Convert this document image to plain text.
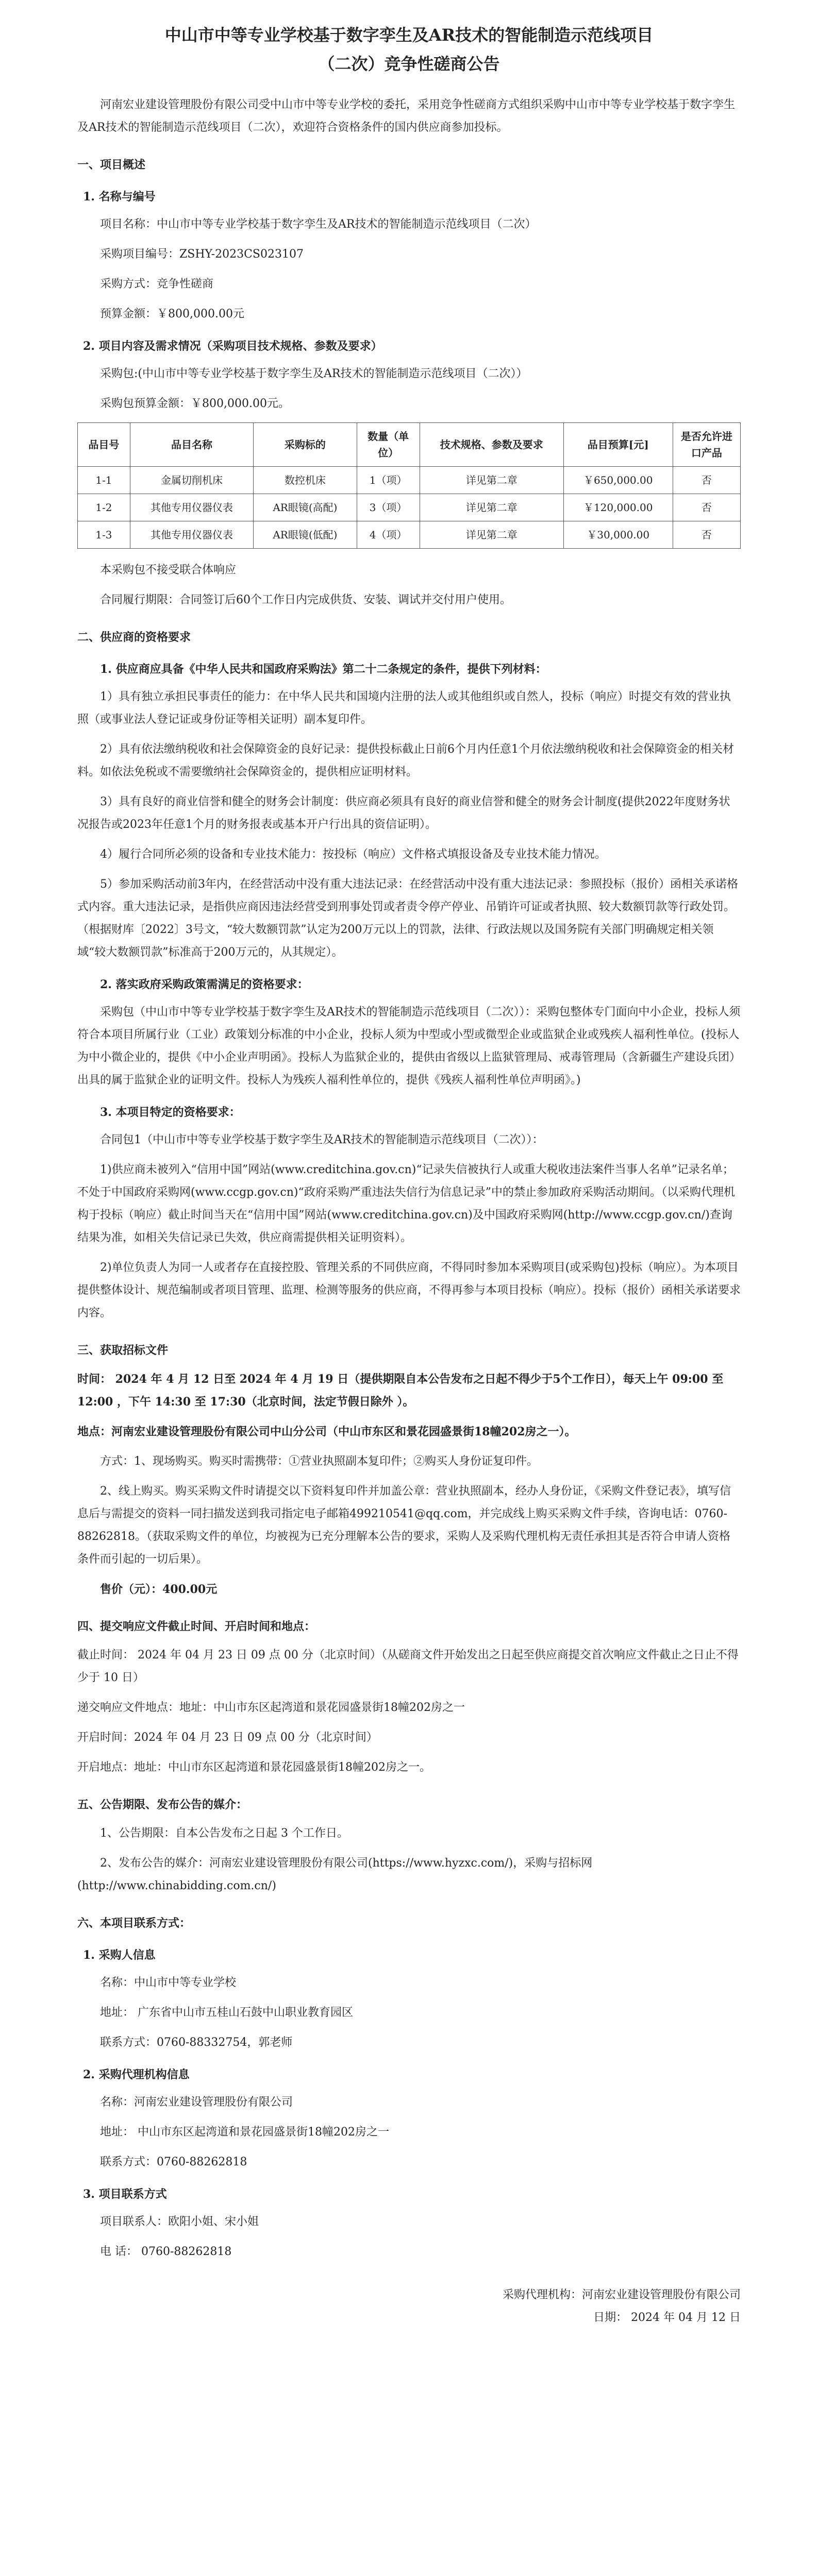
中山市中等专业学校基于数字孪生及AR技术的智能制造示范线项目
（二次）竞争性磋商公告

河南宏业建设管理股份有限公司受中山市中等专业学校的委托，采用竞争性磋商方式组织采购中山市中等专业学校基于数字孪生及AR技术的智能制造示范线项目（二次），欢迎符合资格条件的国内供应商参加投标。

一、项目概述

1. 名称与编号

项目名称：中山市中等专业学校基于数字孪生及AR技术的智能制造示范线项目（二次）

采购项目编号：ZSHY-2023CS023107

采购方式：竞争性磋商

预算金额：￥800,000.00元

2. 项目内容及需求情况（采购项目技术规格、参数及要求）

采购包:(中山市中等专业学校基于数字孪生及AR技术的智能制造示范线项目（二次））

采购包预算金额：￥800,000.00元。

品目号	品目名称	采购标的	数量（单位）	技术规格、参数及要求	品目预算[元]	是否允许进口产品
1-1	金属切削机床	数控机床	1（项）	详见第二章	￥650,000.00	否
1-2	其他专用仪器仪表	AR眼镜(高配)	3（项）	详见第二章	￥120,000.00	否
1-3	其他专用仪器仪表	AR眼镜(低配)	4（项）	详见第二章	￥30,000.00	否

本采购包不接受联合体响应

合同履行期限：合同签订后60个工作日内完成供货、安装、调试并交付用户使用。

二、供应商的资格要求

1. 供应商应具备《中华人民共和国政府采购法》第二十二条规定的条件，提供下列材料：

1）具有独立承担民事责任的能力：在中华人民共和国境内注册的法人或其他组织或自然人，投标（响应）时提交有效的营业执照（或事业法人登记证或身份证等相关证明）副本复印件。

2）具有依法缴纳税收和社会保障资金的良好记录：提供投标截止日前6个月内任意1个月依法缴纳税收和社会保障资金的相关材料。如依法免税或不需要缴纳社会保障资金的，提供相应证明材料。

3）具有良好的商业信誉和健全的财务会计制度：供应商必须具有良好的商业信誉和健全的财务会计制度(提供2022年度财务状况报告或2023年任意1个月的财务报表或基本开户行出具的资信证明）。

4）履行合同所必须的设备和专业技术能力：按投标（响应）文件格式填报设备及专业技术能力情况。

5）参加采购活动前3年内，在经营活动中没有重大违法记录：在经营活动中没有重大违法记录：参照投标（报价）函相关承诺格式内容。重大违法记录，是指供应商因违法经营受到刑事处罚或者责令停产停业、吊销许可证或者执照、较大数额罚款等行政处罚。（根据财库〔2022〕3号文，“较大数额罚款”认定为200万元以上的罚款，法律、行政法规以及国务院有关部门明确规定相关领域“较大数额罚款”标准高于200万元的，从其规定）。

2. 落实政府采购政策需满足的资格要求：

采购包（中山市中等专业学校基于数字孪生及AR技术的智能制造示范线项目（二次））：采购包整体专门面向中小企业，投标人须符合本项目所属行业（工业）政策划分标准的中小企业，投标人须为中型或小型或微型企业或监狱企业或残疾人福利性单位。(投标人为中小微企业的，提供《中小企业声明函》。投标人为监狱企业的，提供由省级以上监狱管理局、戒毒管理局（含新疆生产建设兵团）出具的属于监狱企业的证明文件。投标人为残疾人福利性单位的，提供《残疾人福利性单位声明函》。)

3. 本项目特定的资格要求：

合同包1（中山市中等专业学校基于数字孪生及AR技术的智能制造示范线项目（二次））：

1)供应商未被列入“信用中国”网站(www.creditchina.gov.cn)“记录失信被执行人或重大税收违法案件当事人名单”记录名单；不处于中国政府采购网(www.ccgp.gov.cn)“政府采购严重违法失信行为信息记录”中的禁止参加政府采购活动期间。（以采购代理机构于投标（响应）截止时间当天在“信用中国”网站(www.creditchina.gov.cn)及中国政府采购网(http://www.ccgp.gov.cn/)查询结果为准，如相关失信记录已失效，供应商需提供相关证明资料）。

2)单位负责人为同一人或者存在直接控股、管理关系的不同供应商，不得同时参加本采购项目(或采购包)投标（响应）。为本项目提供整体设计、规范编制或者项目管理、监理、检测等服务的供应商，不得再参与本项目投标（响应）。投标（报价）函相关承诺要求内容。

三、获取招标文件

时间： 2024 年 4 月 12 日至 2024 年 4 月 19 日（提供期限自本公告发布之日起不得少于5个工作日），每天上午 09:00 至 12:00 ，下午 14:30 至 17:30（北京时间，法定节假日除外 ）。

地点：河南宏业建设管理股份有限公司中山分公司（中山市东区和景花园盛景街18幢202房之一）。

方式：1、现场购买。购买时需携带：①营业执照副本复印件；②购买人身份证复印件。

2、线上购买。购买采购文件时请提交以下资料复印件并加盖公章：营业执照副本，经办人身份证，《采购文件登记表》，填写信息后与需提交的资料一同扫描发送到我司指定电子邮箱499210541@qq.com，并完成线上购买采购文件手续，咨询电话：0760-88262818。（获取采购文件的单位，均被视为已充分理解本公告的要求，采购人及采购代理机构无责任承担其是否符合申请人资格条件而引起的一切后果）。

售价（元）：400.00元

四、提交响应文件截止时间、开启时间和地点：

截止时间： 2024 年 04 月 23 日 09 点 00 分（北京时间）（从磋商文件开始发出之日起至供应商提交首次响应文件截止之日止不得少于 10 日）

递交响应文件地点：地址：中山市东区起湾道和景花园盛景街18幢202房之一

开启时间：2024 年 04 月 23 日 09 点 00 分（北京时间）

开启地点：地址：中山市东区起湾道和景花园盛景街18幢202房之一。

五、公告期限、发布公告的媒介：

1、公告期限：自本公告发布之日起 3 个工作日。

2、发布公告的媒介：河南宏业建设管理股份有限公司(https://www.hyzxc.com/)，采购与招标网(http://www.chinabidding.com.cn/)

六、本项目联系方式：

1. 采购人信息

名称：中山市中等专业学校

地址： 广东省中山市五桂山石鼓中山职业教育园区

联系方式：0760-88332754，郭老师

2. 采购代理机构信息

名称：河南宏业建设管理股份有限公司

地址： 中山市东区起湾道和景花园盛景街18幢202房之一

联系方式：0760-88262818

3. 项目联系方式

项目联系人：欧阳小姐、宋小姐

电 话： 0760-88262818

采购代理机构：河南宏业建设管理股份有限公司
日期： 2024 年 04 月 12 日
